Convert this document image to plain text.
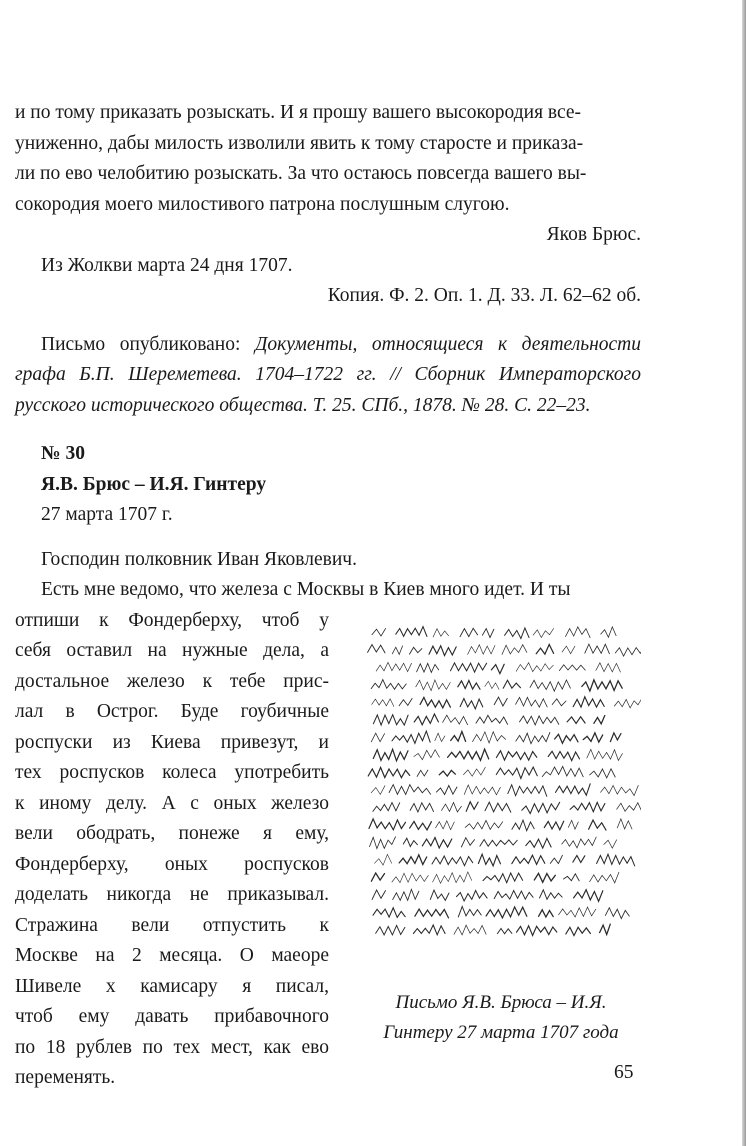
и по тому приказать розыскать. И я прошу вашего высокородия все-

униженно, дабы милость изволили явить к тому старосте и приказа-

ли по ево челобитию розыскать. За что остаюсь повсегда вашего вы-

сокородия моего милостивого патрона послушным слугою.

Яков Брюс.

Из Жолкви марта 24 дня 1707.

Копия. Ф. 2. Оп. 1. Д. 33. Л. 62–62 об.

Письмо опубликовано: Документы, относящиеся к деятельности графа Б.П. Шереметева. 1704–1722 гг. // Сборник Императорского русского исторического общества. Т. 25. СПб., 1878. № 28. С. 22–23.

№ 30

Я.В. Брюс – И.Я. Гинтеру

27 марта 1707 г.

Господин полковник Иван Яковлевич.

Есть мне ведомо, что железа с Москвы в Киев много идет. И ты

отпиши к Фондерберху, чтоб у
себя оставил на нужные дела, а
достальное железо к тебе прис-
лал в Острог. Буде гоубичные
роспуски из Киева привезут, и
тех роспусков колеса употребить
к иному делу. А с оных железо
вели ободрать, понеже я ему,
Фондерберху, оных роспусков
доделать никогда не приказывал.
Стражина вели отпустить к
Москве на 2 месяца. О маеоре
Шивеле х камисару я писал,
чтоб ему давать прибавочного
по 18 рублев по тех мест, как ево
переменять.
Письмо Я.В. Брюса – И.Я.
Гинтеру 27 марта 1707 года
65
